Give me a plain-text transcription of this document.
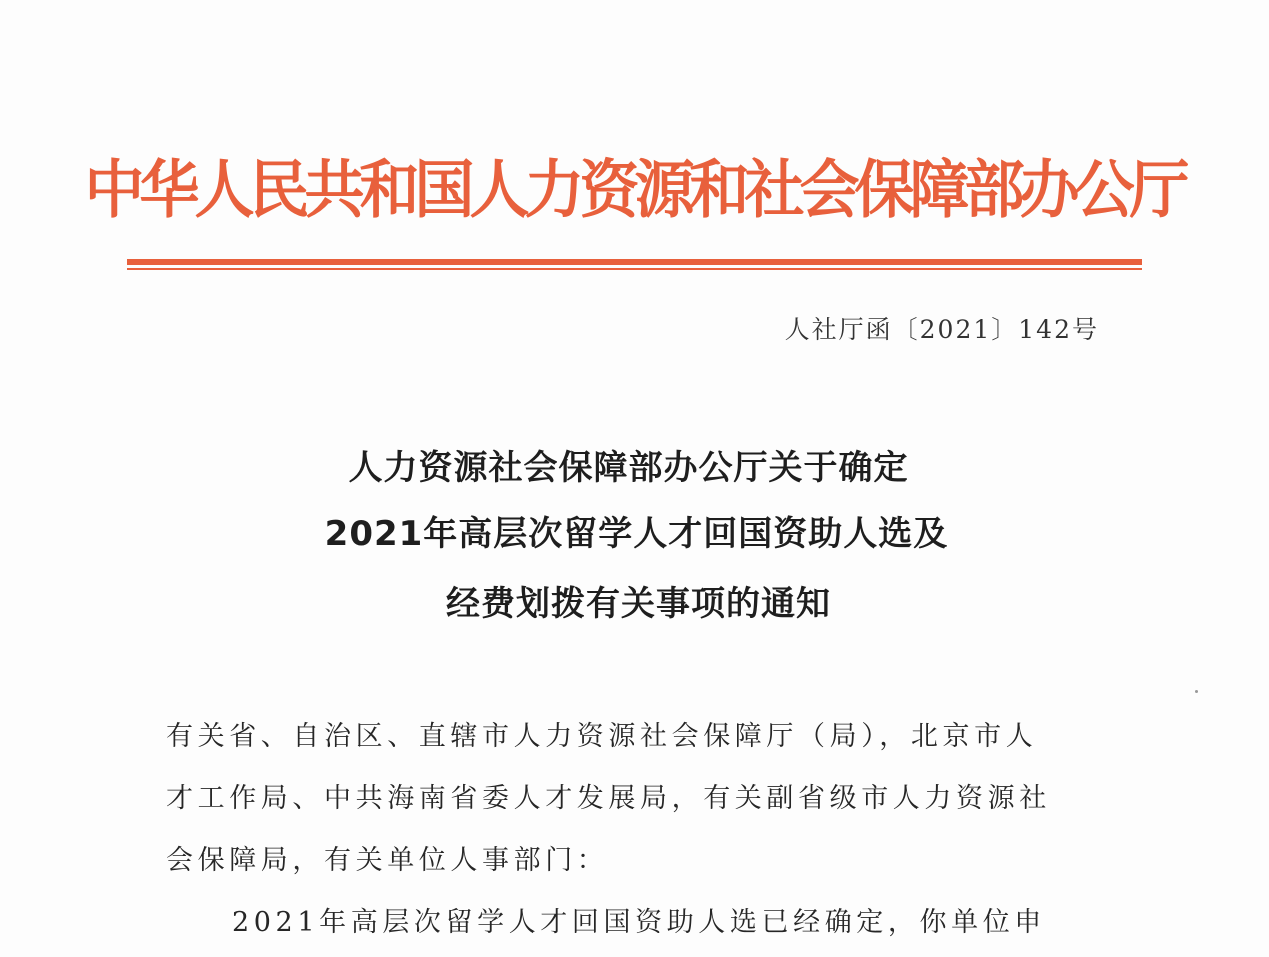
中华人民共和国人力资源和社会保障部办公厅
人社厅函〔2021〕142号
人力资源社会保障部办公厅关于确定
2021年高层次留学人才回国资助人选及
经费划拨有关事项的通知
有关省、自治区、直辖市人力资源社会保障厅（局），北京市人
才工作局、中共海南省委人才发展局，有关副省级市人力资源社
会保障局，有关单位人事部门：
2021年高层次留学人才回国资助人选已经确定，你单位申
